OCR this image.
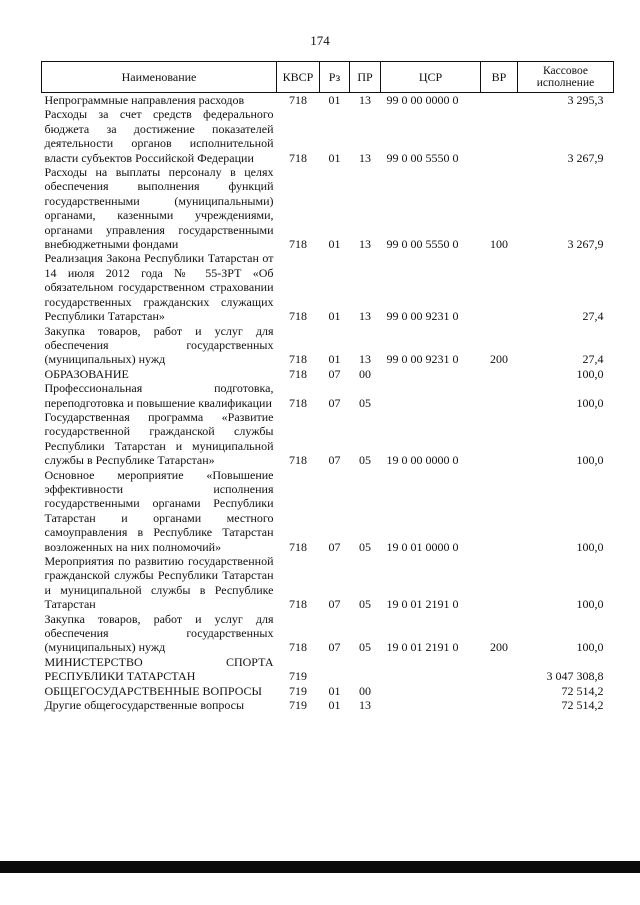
174
Наименование	КВСР	Рз	ПР	ЦСР	ВР	Кассовое исполнение
Непрограммные направления расходов	718	01	13	99 0 00 0000 0		3 295,3
Расходы за счет средств федерального бюджета за достижение показателей деятельности органов исполнительной власти субъектов Российской Федерации	718	01	13	99 0 00 5550 0		3 267,9
Расходы на выплаты персоналу в целях обеспечения выполнения функций государственными (муниципальными) органами, казенными учреждениями, органами управления государственными внебюджетными фондами	718	01	13	99 0 00 5550 0	100	3 267,9
Реализация Закона Республики Татарстан от 14 июля 2012 года № 55-ЗРТ «Об обязательном государственном страховании государственных гражданских служащих Республики Татарстан»	718	01	13	99 0 00 9231 0		27,4
Закупка товаров, работ и услуг для обеспечения государственных (муниципальных) нужд	718	01	13	99 0 00 9231 0	200	27,4
ОБРАЗОВАНИЕ	718	07	00			100,0
Профессиональная подготовка, переподготовка и повышение квалификации	718	07	05			100,0
Государственная программа «Развитие государственной гражданской службы Республики Татарстан и муниципальной службы в Республике Татарстан»	718	07	05	19 0 00 0000 0		100,0
Основное мероприятие «Повышение эффективности исполнения государственными органами Республики Татарстан и органами местного самоуправления в Республике Татарстан возложенных на них полномочий»	718	07	05	19 0 01 0000 0		100,0
Мероприятия по развитию государственной гражданской службы Республики Татарстан и муниципальной службы в Республике Татарстан	718	07	05	19 0 01 2191 0		100,0
Закупка товаров, работ и услуг для обеспечения государственных (муниципальных) нужд	718	07	05	19 0 01 2191 0	200	100,0
МИНИСТЕРСТВО СПОРТА РЕСПУБЛИКИ ТАТАРСТАН	719					3 047 308,8
ОБЩЕГОСУДАРСТВЕННЫЕ ВОПРОСЫ	719	01	00			72 514,2
Другие общегосударственные вопросы	719	01	13			72 514,2
